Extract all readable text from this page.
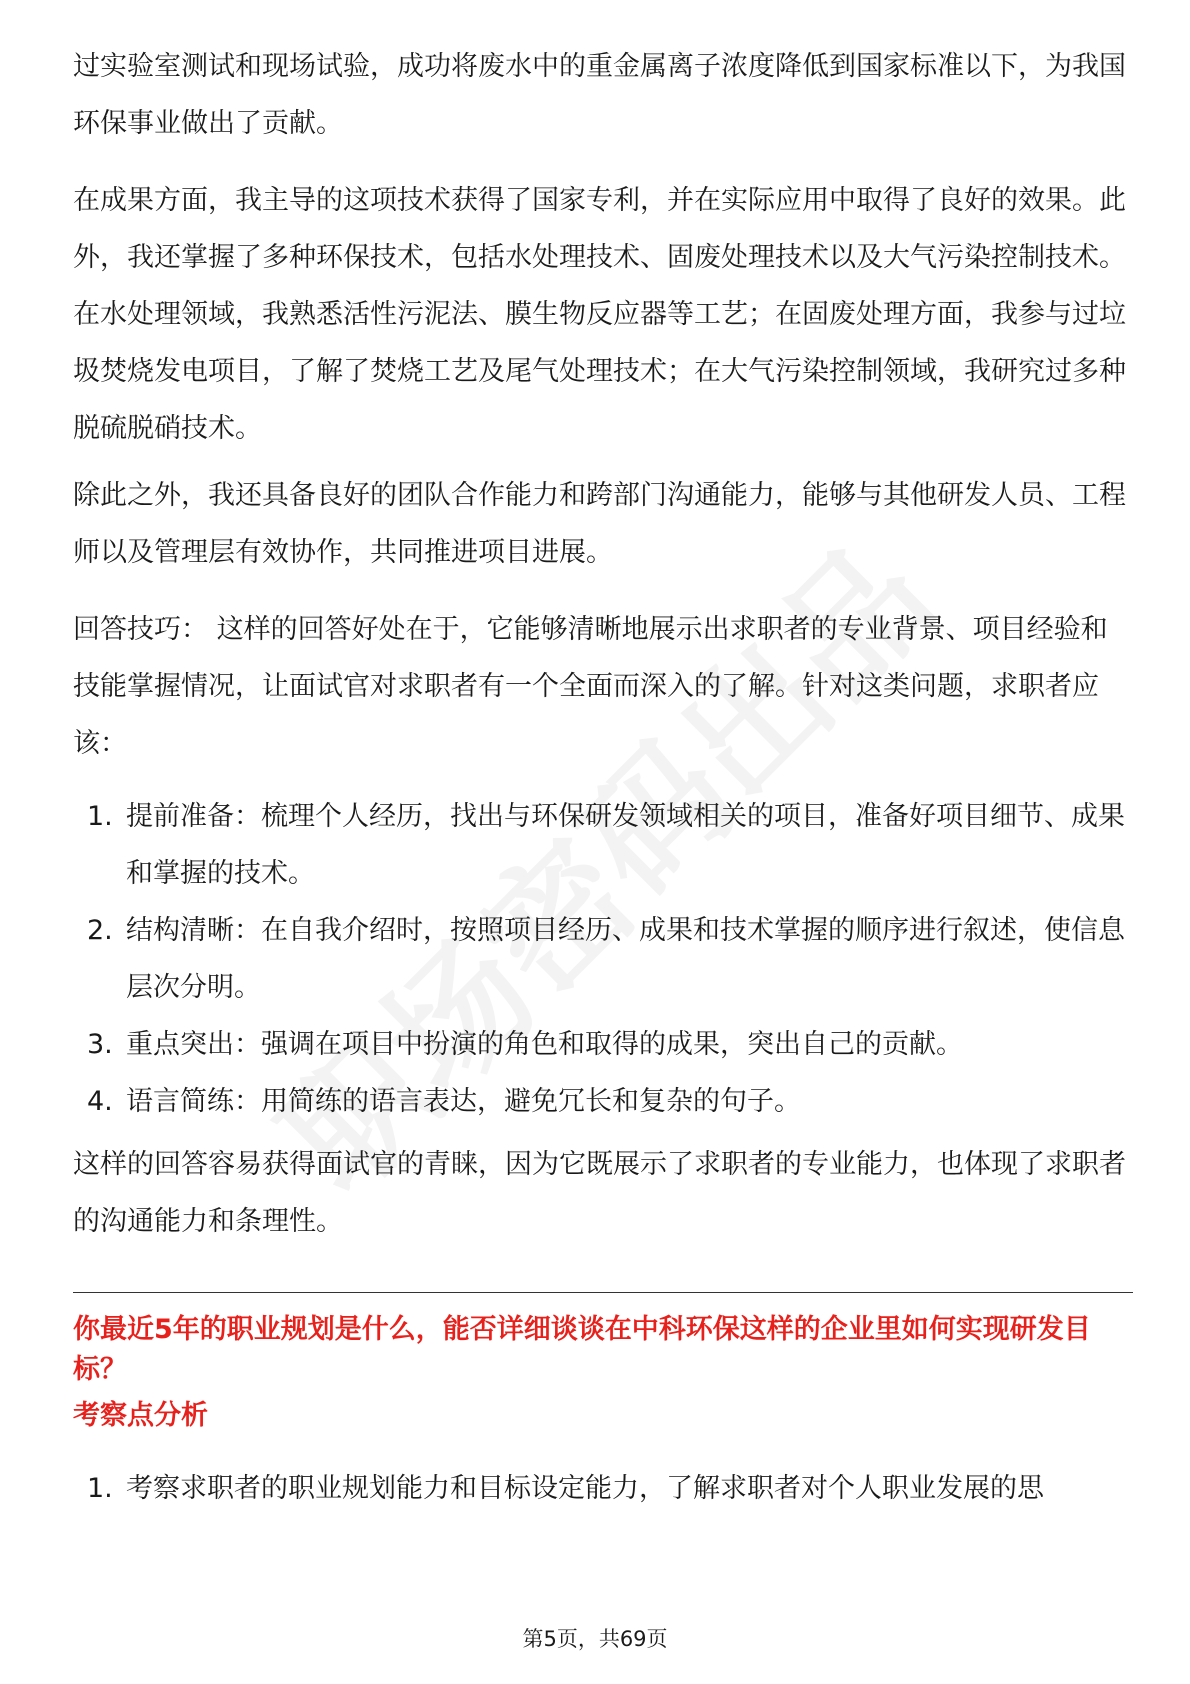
过实验室测试和现场试验，成功将废水中的重金属离子浓度降低到国家标准以下，为我国环保事业做出了贡献。

在成果方面，我主导的这项技术获得了国家专利，并在实际应用中取得了良好的效果。此外，我还掌握了多种环保技术，包括水处理技术、固废处理技术以及大气污染控制技术。在水处理领域，我熟悉活性污泥法、膜生物反应器等工艺；在固废处理方面，我参与过垃圾焚烧发电项目，了解了焚烧工艺及尾气处理技术；在大气污染控制领域，我研究过多种脱硫脱硝技术。

除此之外，我还具备良好的团队合作能力和跨部门沟通能力，能够与其他研发人员、工程师以及管理层有效协作，共同推进项目进展。

回答技巧： 这样的回答好处在于，它能够清晰地展示出求职者的专业背景、项目经验和技能掌握情况，让面试官对求职者有一个全面而深入的了解。针对这类问题，求职者应该：

1. 提前准备：梳理个人经历，找出与环保研发领域相关的项目，准备好项目细节、成果和掌握的技术。
2. 结构清晰：在自我介绍时，按照项目经历、成果和技术掌握的顺序进行叙述，使信息层次分明。
3. 重点突出：强调在项目中扮演的角色和取得的成果，突出自己的贡献。
4. 语言简练：用简练的语言表达，避免冗长和复杂的句子。

这样的回答容易获得面试官的青睐，因为它既展示了求职者的专业能力，也体现了求职者的沟通能力和条理性。

你最近5年的职业规划是什么，能否详细谈谈在中科环保这样的企业里如何实现研发目标？

考察点分析

1. 考察求职者的职业规划能力和目标设定能力，了解求职者对个人职业发展的思
第5页，共69页
